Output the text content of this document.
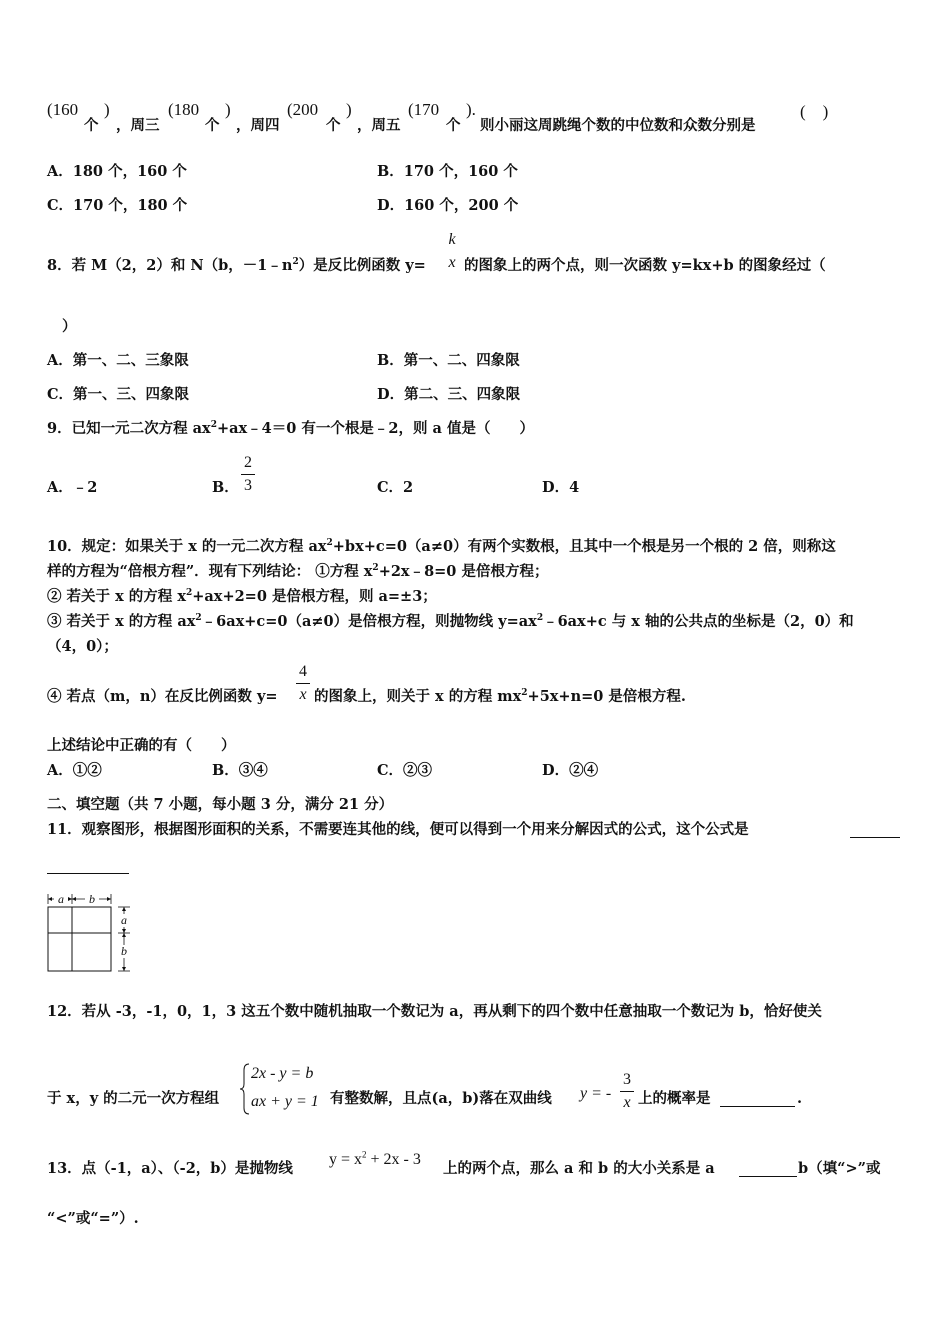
(160
个
)
，周三
(180
个
)
，周四
(200
个
)
，周五
(170
个
).
则小丽这周跳绳个数的中位数和众数分别是
(　)
A．180 个，160 个	B．170 个，160 个
C．170 个，180 个	D．160 个，200 个
8．若 M（2，2）和 N（b，$-1﹣n^2$）是反比例函数 y=
k
x 的图象上的两个点，则一次函数 y=kx+b 的图象经过（
）
A．第一、二、三象限	B．第一、二、四象限
C．第一、三、四象限	D．第二、三、四象限
9．已知一元二次方程 $ax^2+ax﹣4=0$ 有一个根是﹣2，则 a 值是（　　）
A．﹣2	B．
2
3	C．2	D．4
10．规定：如果关于 x 的一元二次方程 $ax^2+bx+c=0(a\ne 0)$有两个实数根，且其中一个根是另一个根的 2 倍，则称这
样的方程为“倍根方程”．现有下列结论： ①方程 $x^2+2x﹣8=0$ 是倍根方程；
② 若关于 x 的方程 $x^2+ax+2=0$ 是倍根方程，则 a=±3；
③ 若关于 x 的方程 $ax^2﹣6ax+c=0(a\ne 0)$是倍根方程，则抛物线 $y=ax^2﹣6ax+c$ 与 x 轴的公共点的坐标是（2，0）和
（4，0）；
④ 若点（m，n）在反比例函数 y=
4
x 的图象上，则关于 x 的方程 $mx^2+5x+n=0$ 是倍根方程.
上述结论中正确的有（　　）
A．①②	B．③④	C．②③	D．②④
二、填空题（共 7 小题，每小题 3 分，满分 21 分）
11．观察图形，根据图形面积的关系，不需要连其他的线，便可以得到一个用来分解因式的公式，这个公式是
a b
a
b
12．若从 -3，-1，0，1，3 这五个数中随机抽取一个数记为 a，再从剩下的四个数中任意抽取一个数记为 b，恰好使关
于 x，y 的二元一次方程组
2x - y = b
ax + y = 1 有整数解，且点(a，b)落在双曲线 y = -
3
x 上的概率是	.
13．点（-1，a）、（-2，b）是抛物线
$y = x^2 + 2x - 3$
上的两个点，那么 a 和 b 的大小关系是 a	b（填“>”或
“<”或“=”）.
